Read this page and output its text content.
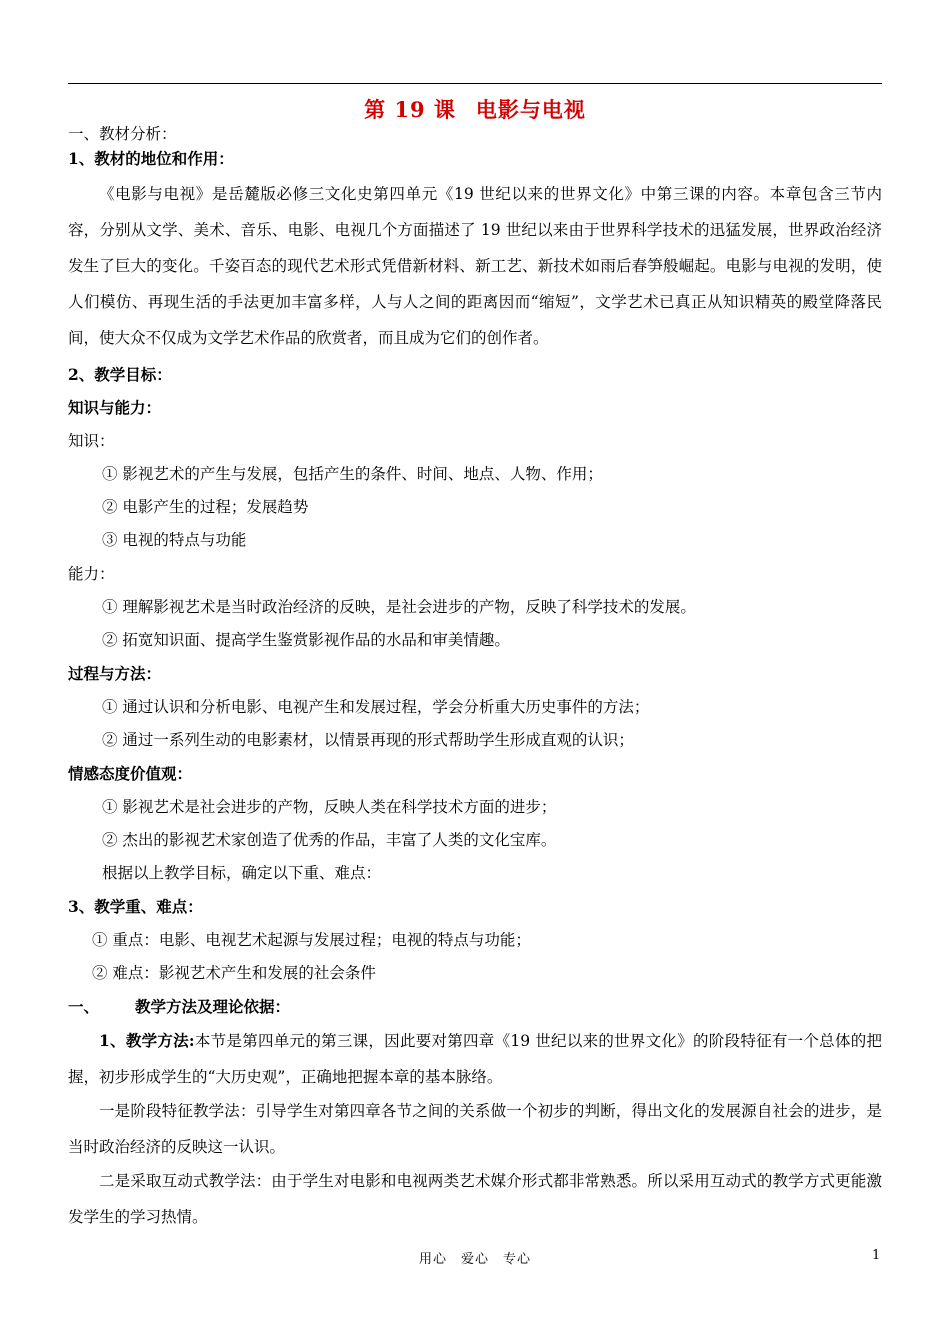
第 19 课 电影与电视
一、教材分析：
1、教材的地位和作用：
《电影与电视》是岳麓版必修三文化史第四单元《19 世纪以来的世界文化》中第三课的内容。本章包含三节内容，分别从文学、美术、音乐、电影、电视几个方面描述了 19 世纪以来由于世界科学技术的迅猛发展，世界政治经济发生了巨大的变化。千姿百态的现代艺术形式凭借新材料、新工艺、新技术如雨后春笋般崛起。电影与电视的发明，使人们模仿、再现生活的手法更加丰富多样，人与人之间的距离因而“缩短”，文学艺术已真正从知识精英的殿堂降落民间，使大众不仅成为文学艺术作品的欣赏者，而且成为它们的创作者。
2、教学目标：
知识与能力：
知识：
① 影视艺术的产生与发展，包括产生的条件、时间、地点、人物、作用；
② 电影产生的过程；发展趋势
③ 电视的特点与功能
能力：
① 理解影视艺术是当时政治经济的反映，是社会进步的产物，反映了科学技术的发展。
② 拓宽知识面、提高学生鉴赏影视作品的水品和审美情趣。
过程与方法：
① 通过认识和分析电影、电视产生和发展过程，学会分析重大历史事件的方法；
② 通过一系列生动的电影素材，以情景再现的形式帮助学生形成直观的认识；
情感态度价值观：
① 影视艺术是社会进步的产物，反映人类在科学技术方面的进步；
② 杰出的影视艺术家创造了优秀的作品，丰富了人类的文化宝库。
根据以上教学目标，确定以下重、难点：
3、教学重、难点：
① 重点：电影、电视艺术起源与发展过程；电视的特点与功能；
② 难点：影视艺术产生和发展的社会条件
一、 教学方法及理论依据：
1、教学方法:本节是第四单元的第三课，因此要对第四章《19 世纪以来的世界文化》的阶段特征有一个总体的把握，初步形成学生的“大历史观”，正确地把握本章的基本脉络。
一是阶段特征教学法：引导学生对第四章各节之间的关系做一个初步的判断，得出文化的发展源自社会的进步，是当时政治经济的反映这一认识。
二是采取互动式教学法：由于学生对电影和电视两类艺术媒介形式都非常熟悉。所以采用互动式的教学方式更能激发学生的学习热情。
用心　爱心　专心	1
